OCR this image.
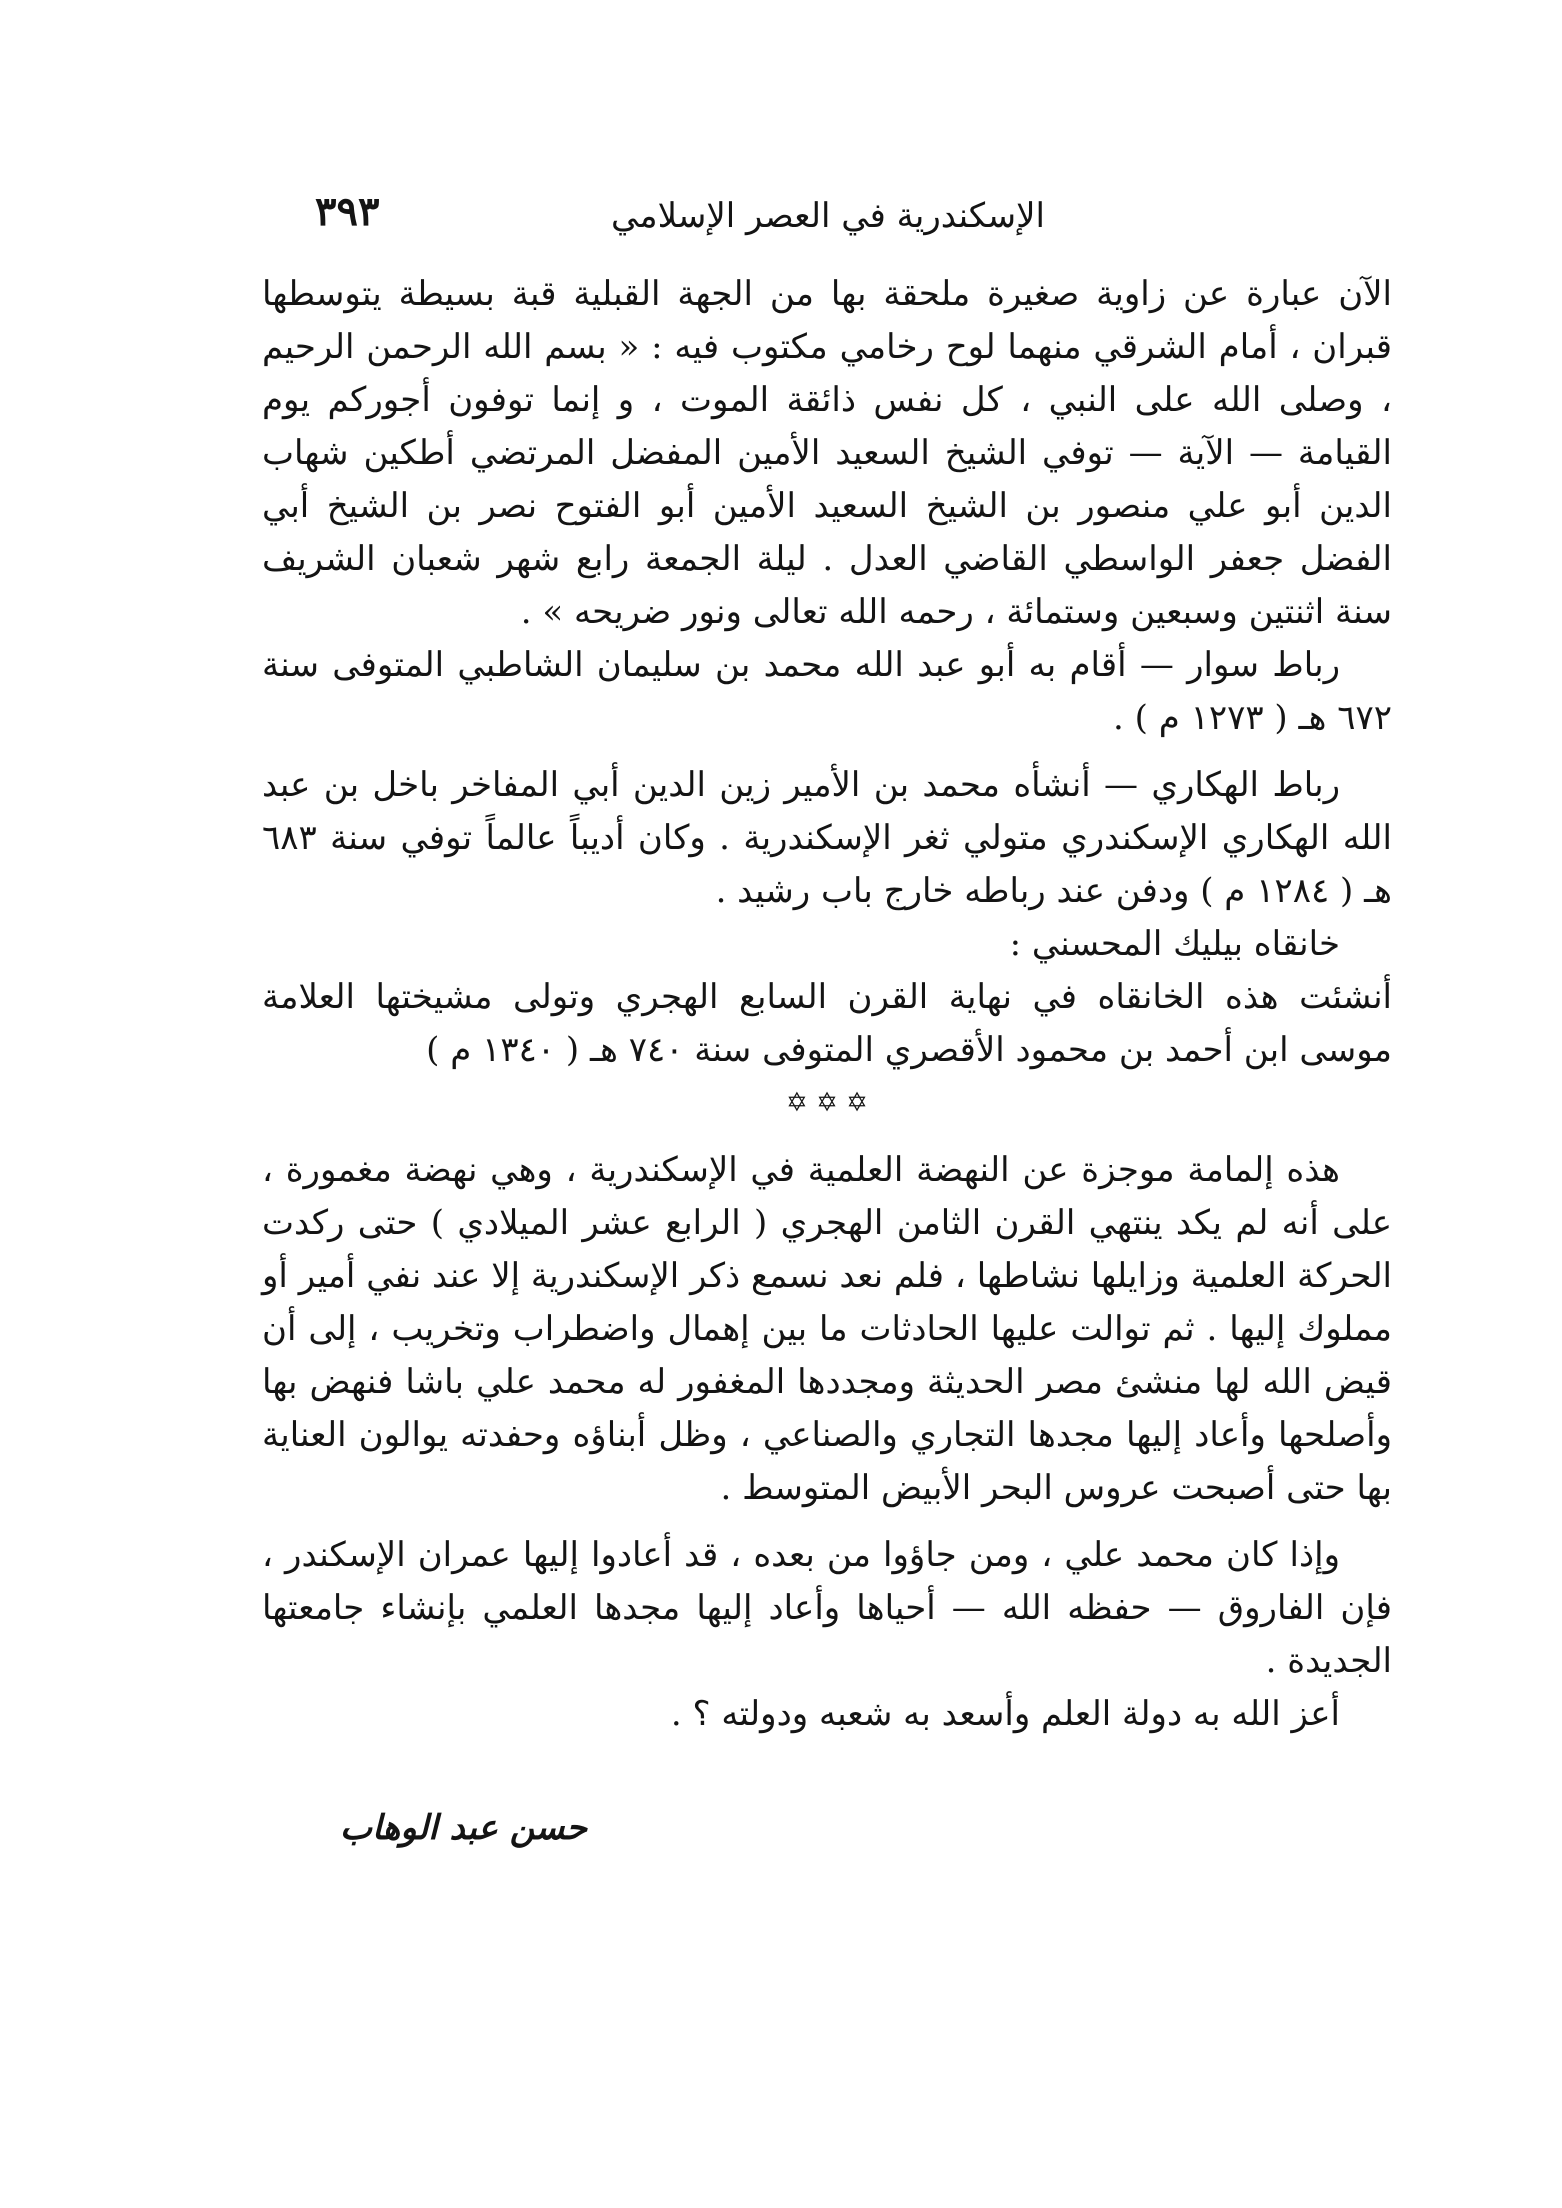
الإسكندرية في العصر الإسلامي
٣٩٣

الآن عبارة عن زاوية صغيرة ملحقة بها من الجهة القبلية قبة بسيطة يتوسطها قبران ، أمام الشرقي منهما لوح رخامي مكتوب فيه : « بسم الله الرحمن الرحيم ، وصلى الله على النبي ، كل نفس ذائقة الموت ، و إنما توفون أجوركم يوم القيامة — الآية — توفي الشيخ السعيد الأمين المفضل المرتضي أطكين شهاب الدين أبو علي منصور بن الشيخ السعيد الأمين أبو الفتوح نصر بن الشيخ أبي الفضل جعفر الواسطي القاضي العدل . ليلة الجمعة رابع شهر شعبان الشريف سنة اثنتين وسبعين وستمائة ، رحمه الله تعالى ونور ضريحه » .

رباط سوار — أقام به أبو عبد الله محمد بن سليمان الشاطبي المتوفى سنة ٦٧٢ هـ ( ١٢٧٣ م ) .

رباط الهكاري — أنشأه محمد بن الأمير زين الدين أبي المفاخر باخل بن عبد الله الهكاري الإسكندري متولي ثغر الإسكندرية . وكان أديباً عالماً توفي سنة ٦٨٣ هـ ( ١٢٨٤ م ) ودفن عند رباطه خارج باب رشيد .

خانقاه بيليك المحسني :

أنشئت هذه الخانقاه في نهاية القرن السابع الهجري وتولى مشيختها العلامة موسى ابن أحمد بن محمود الأقصري المتوفى سنة ٧٤٠ هـ ( ١٣٤٠ م )

✡ ✡ ✡

هذه إلمامة موجزة عن النهضة العلمية في الإسكندرية ، وهي نهضة مغمورة ، على أنه لم يكد ينتهي القرن الثامن الهجري ( الرابع عشر الميلادي ) حتى ركدت الحركة العلمية وزايلها نشاطها ، فلم نعد نسمع ذكر الإسكندرية إلا عند نفي أمير أو مملوك إليها . ثم توالت عليها الحادثات ما بين إهمال واضطراب وتخريب ، إلى أن قيض الله لها منشئ مصر الحديثة ومجددها المغفور له محمد علي باشا فنهض بها وأصلحها وأعاد إليها مجدها التجاري والصناعي ، وظل أبناؤه وحفدته يوالون العناية بها حتى أصبحت عروس البحر الأبيض المتوسط .

وإذا كان محمد علي ، ومن جاؤوا من بعده ، قد أعادوا إليها عمران الإسكندر ، فإن الفاروق — حفظه الله — أحياها وأعاد إليها مجدها العلمي بإنشاء جامعتها الجديدة .

أعز الله به دولة العلم وأسعد به شعبه ودولته ؟ .

حسن عبد الوهاب
